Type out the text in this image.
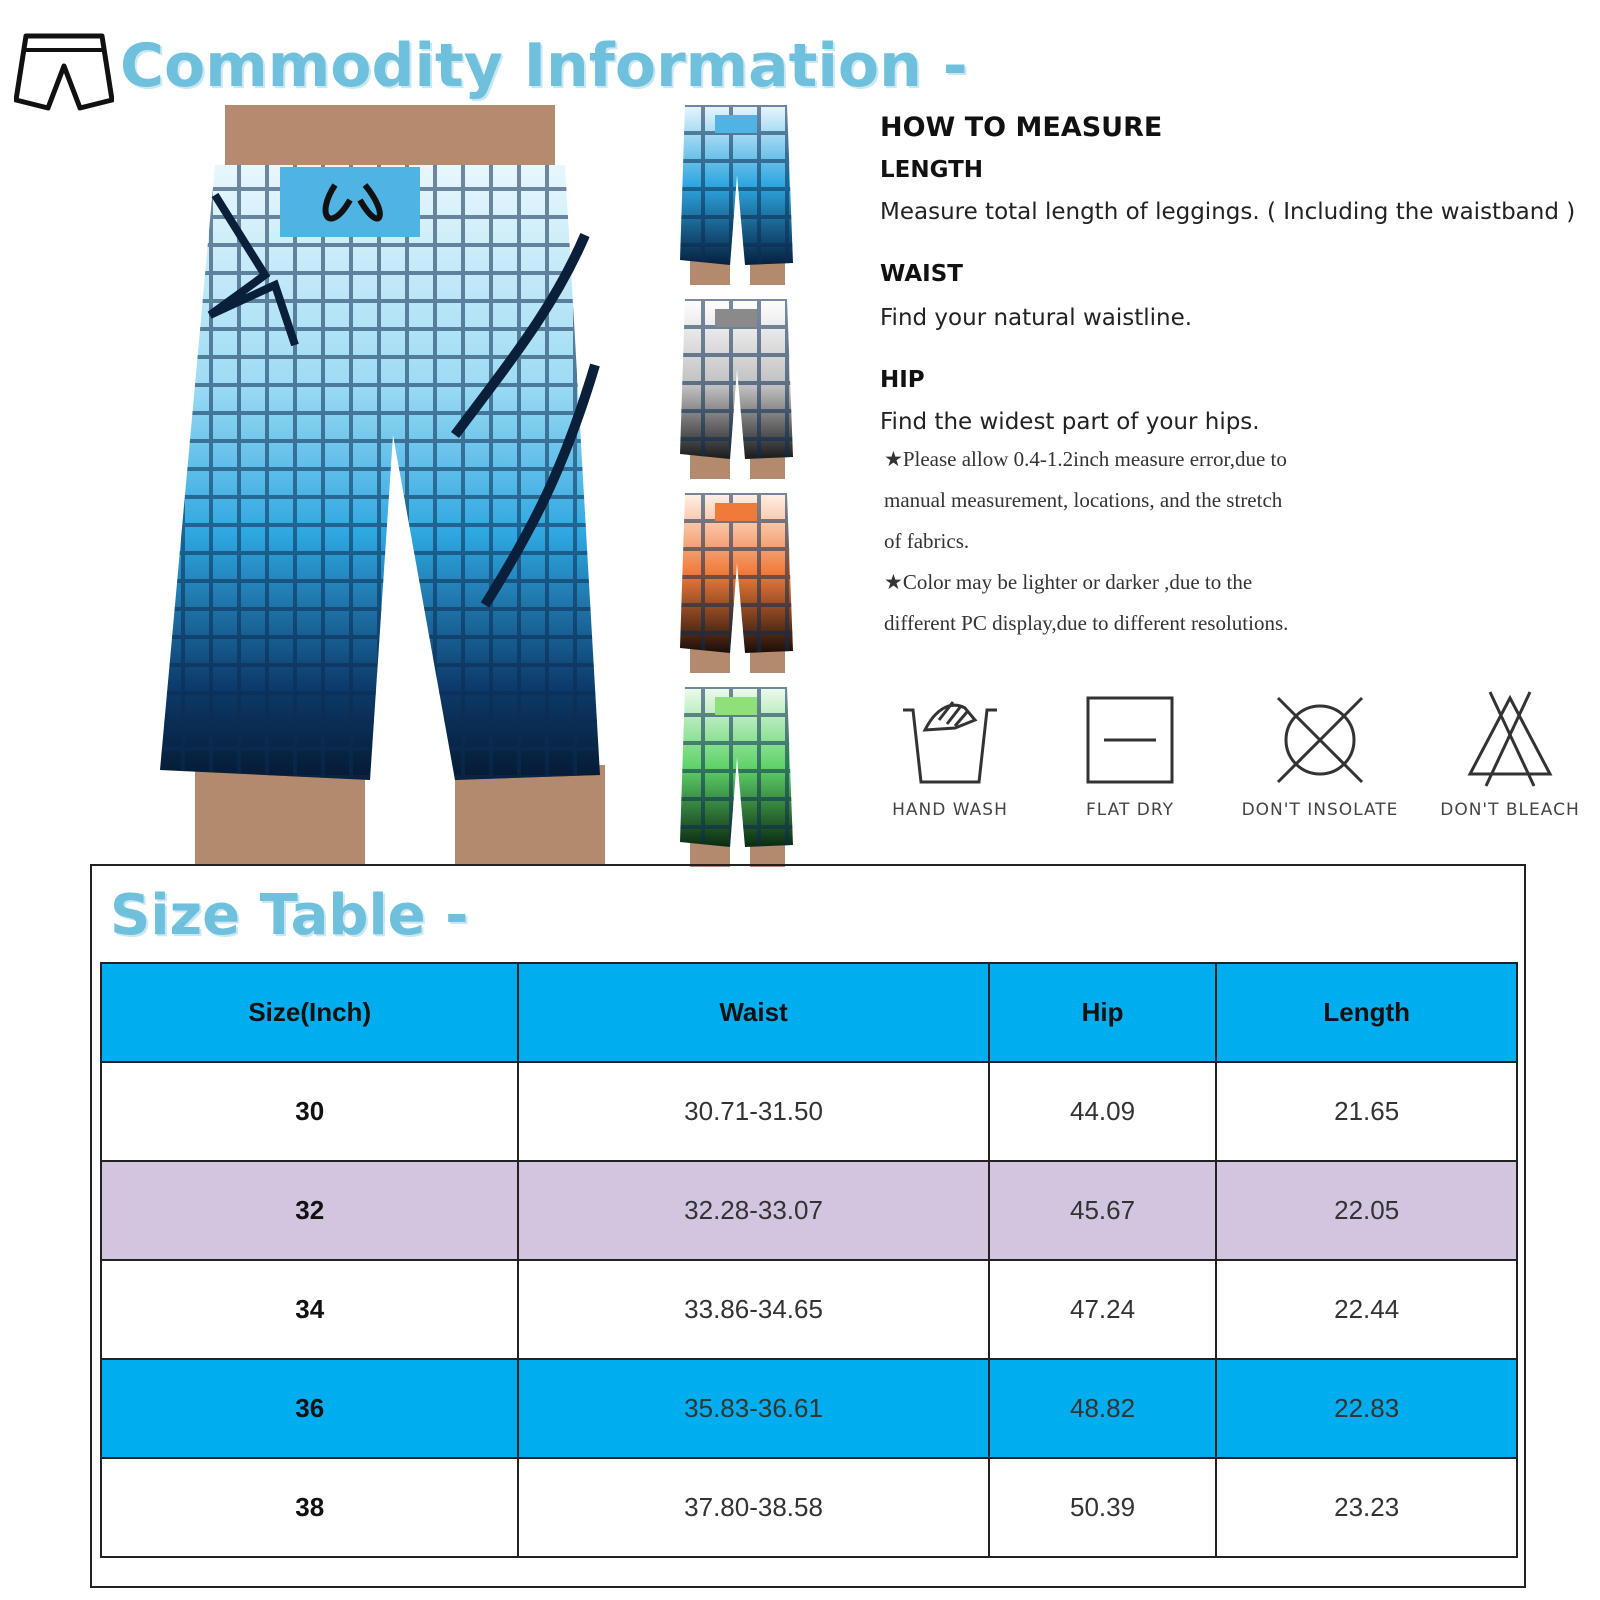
Commodity Information -

HOW TO MEASURE

LENGTH

Measure total length of leggings. ( Including the waistband )

WAIST

Find your natural waistline.

HIP

Find the widest part of your hips.

★Please allow 0.4-1.2inch measure error,due to

manual measurement, locations, and the stretch

of fabrics.

★Color may be lighter or darker ,due to the

different PC display,due to different resolutions.

HAND WASH	FLAT DRY	DON'T INSOLATE	DON'T BLEACH
Size Table -
Size(Inch)	Waist	Hip	Length
30	30.71-31.50	44.09	21.65
32	32.28-33.07	45.67	22.05
34	33.86-34.65	47.24	22.44
36	35.83-36.61	48.82	22.83
38	37.80-38.58	50.39	23.23
